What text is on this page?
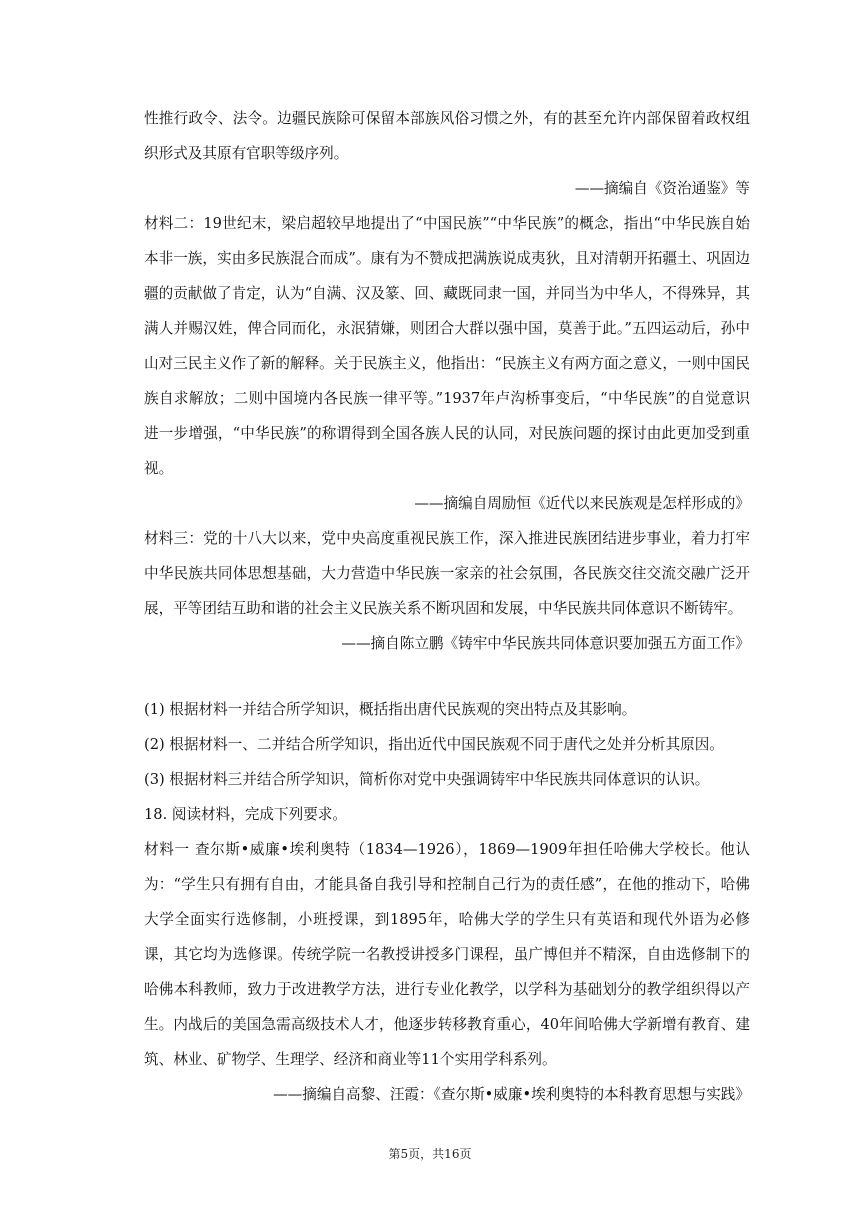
性推行政令、法令。边疆民族除可保留本部族风俗习惯之外，有的甚至允许内部保留着政权组织形式及其原有官职等级序列。

——摘编自《资治通鉴》等

材料二：19世纪末，梁启超较早地提出了“中国民族”“中华民族”的概念，指出“中华民族自始本非一族，实由多民族混合而成”。康有为不赞成把满族说成夷狄，且对清朝开拓疆土、巩固边疆的贡献做了肯定，认为“自满、汉及篆、回、藏既同隶一国，并同当为中华人，不得殊异，其满人并赐汉姓，俾合同而化，永泯猜嫌，则团合大群以强中国，莫善于此。”五四运动后，孙中山对三民主义作了新的解释。关于民族主义，他指出：“民族主义有两方面之意义，一则中国民族自求解放；二则中国境内各民族一律平等。”1937年卢沟桥事变后，“中华民族”的自觉意识进一步增强，“中华民族”的称谓得到全国各族人民的认同，对民族问题的探讨由此更加受到重视。

——摘编自周励恒《近代以来民族观是怎样形成的》

材料三：党的十八大以来，党中央高度重视民族工作，深入推进民族团结进步事业，着力打牢中华民族共同体思想基础，大力营造中华民族一家亲的社会氛围，各民族交往交流交融广泛开展，平等团结互助和谐的社会主义民族关系不断巩固和发展，中华民族共同体意识不断铸牢。

——摘自陈立鹏《铸牢中华民族共同体意识要加强五方面工作》

(1) 根据材料一并结合所学知识，概括指出唐代民族观的突出特点及其影响。

(2) 根据材料一、二并结合所学知识，指出近代中国民族观不同于唐代之处并分析其原因。

(3) 根据材料三并结合所学知识，简析你对党中央强调铸牢中华民族共同体意识的认识。

18. 阅读材料，完成下列要求。

材料一 查尔斯•威廉•埃利奥特（1834—1926），1869—1909年担任哈佛大学校长。他认为：“学生只有拥有自由，才能具备自我引导和控制自己行为的责任感”，在他的推动下，哈佛大学全面实行选修制，小班授课，到1895年，哈佛大学的学生只有英语和现代外语为必修课，其它均为选修课。传统学院一名教授讲授多门课程，虽广博但并不精深，自由选修制下的哈佛本科教师，致力于改进教学方法，进行专业化教学，以学科为基础划分的教学组织得以产生。内战后的美国急需高级技术人才，他逐步转移教育重心，40年间哈佛大学新增有教育、建筑、林业、矿物学、生理学、经济和商业等11个实用学科系列。

——摘编自高黎、汪霞：《查尔斯•威廉•埃利奥特的本科教育思想与实践》

第5页，共16页
